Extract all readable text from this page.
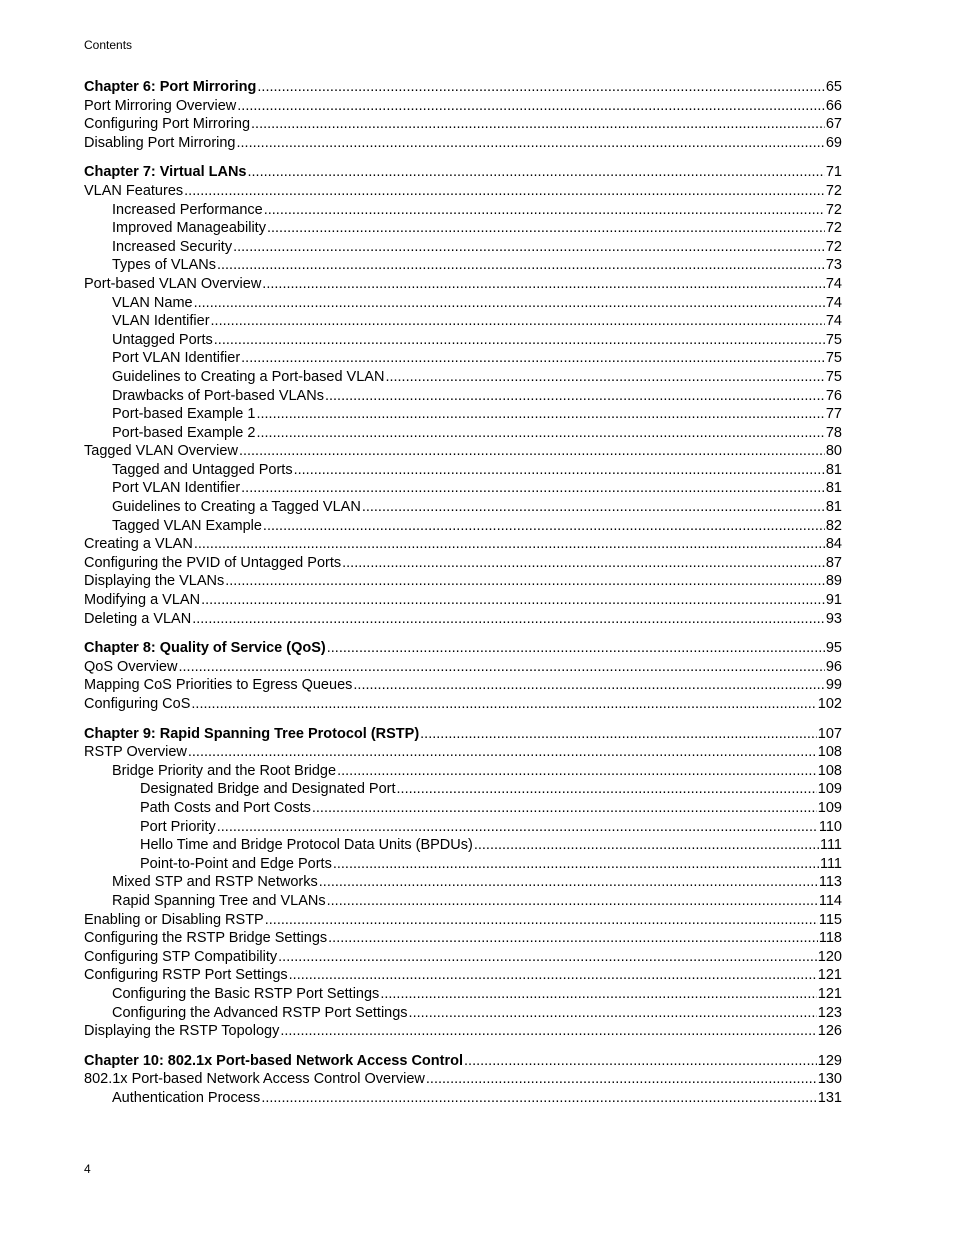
Contents
Chapter 6: Port Mirroring .....	65
Port Mirroring Overview .....	66
Configuring Port Mirroring .....	67
Disabling Port Mirroring .....	69
Chapter 7: Virtual LANs .....	71
VLAN Features .....	72
Increased Performance .....	72
Improved Manageability .....	72
Increased Security .....	72
Types of VLANs .....	73
Port-based VLAN Overview .....	74
VLAN Name .....	74
VLAN Identifier .....	74
Untagged Ports .....	75
Port VLAN Identifier .....	75
Guidelines to Creating a Port-based VLAN .....	75
Drawbacks of Port-based VLANs .....	76
Port-based Example 1 .....	77
Port-based Example 2 .....	78
Tagged VLAN Overview .....	80
Tagged and Untagged Ports .....	81
Port VLAN Identifier .....	81
Guidelines to Creating a Tagged VLAN .....	81
Tagged VLAN Example .....	82
Creating a VLAN .....	84
Configuring the PVID of Untagged Ports .....	87
Displaying the VLANs .....	89
Modifying a VLAN .....	91
Deleting a VLAN .....	93
Chapter 8: Quality of Service (QoS) .....	95
QoS Overview .....	96
Mapping CoS Priorities to Egress Queues .....	99
Configuring CoS .....	102
Chapter 9: Rapid Spanning Tree Protocol (RSTP) .....	107
RSTP Overview .....	108
Bridge Priority and the Root Bridge .....	108
Designated Bridge and Designated Port .....	109
Path Costs and Port Costs .....	109
Port Priority .....	110
Hello Time and Bridge Protocol Data Units (BPDUs) .....	111
Point-to-Point and Edge Ports .....	111
Mixed STP and RSTP Networks .....	113
Rapid Spanning Tree and VLANs .....	114
Enabling or Disabling RSTP .....	115
Configuring the RSTP Bridge Settings .....	118
Configuring STP Compatibility .....	120
Configuring RSTP Port Settings .....	121
Configuring the Basic RSTP Port Settings .....	121
Configuring the Advanced RSTP Port Settings .....	123
Displaying the RSTP Topology .....	126
Chapter 10: 802.1x Port-based Network Access Control .....	129
802.1x Port-based Network Access Control Overview .....	130
Authentication Process .....	131
4
